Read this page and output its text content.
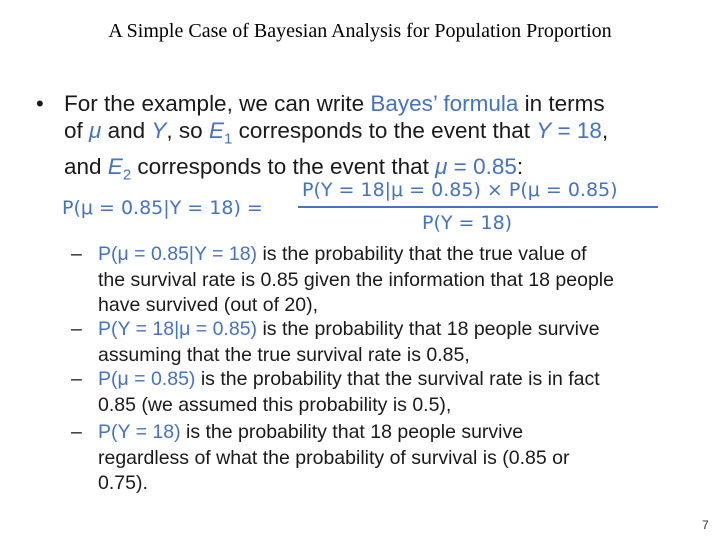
A Simple Case of Bayesian Analysis for Population Proportion
• For the example, we can write Bayes’ formula in terms
of μ and Y, so $E_1$ corresponds to the event that Y = 18,
and $E_2$ corresponds to the event that μ = 0.85:
P(μ = 0.85|Y = 18) =
P(Y = 18|μ = 0.85) × P(μ = 0.85)
P(Y = 18)
– P(μ = 0.85|Y = 18) is the probability that the true value of
the survival rate is 0.85 given the information that 18 people
have survived (out of 20),
– P(Y = 18|μ = 0.85) is the probability that 18 people survive
assuming that the true survival rate is 0.85,
– P(μ = 0.85) is the probability that the survival rate is in fact
0.85 (we assumed this probability is 0.5),
– P(Y = 18) is the probability that 18 people survive
regardless of what the probability of survival is (0.85 or
0.75).
7
